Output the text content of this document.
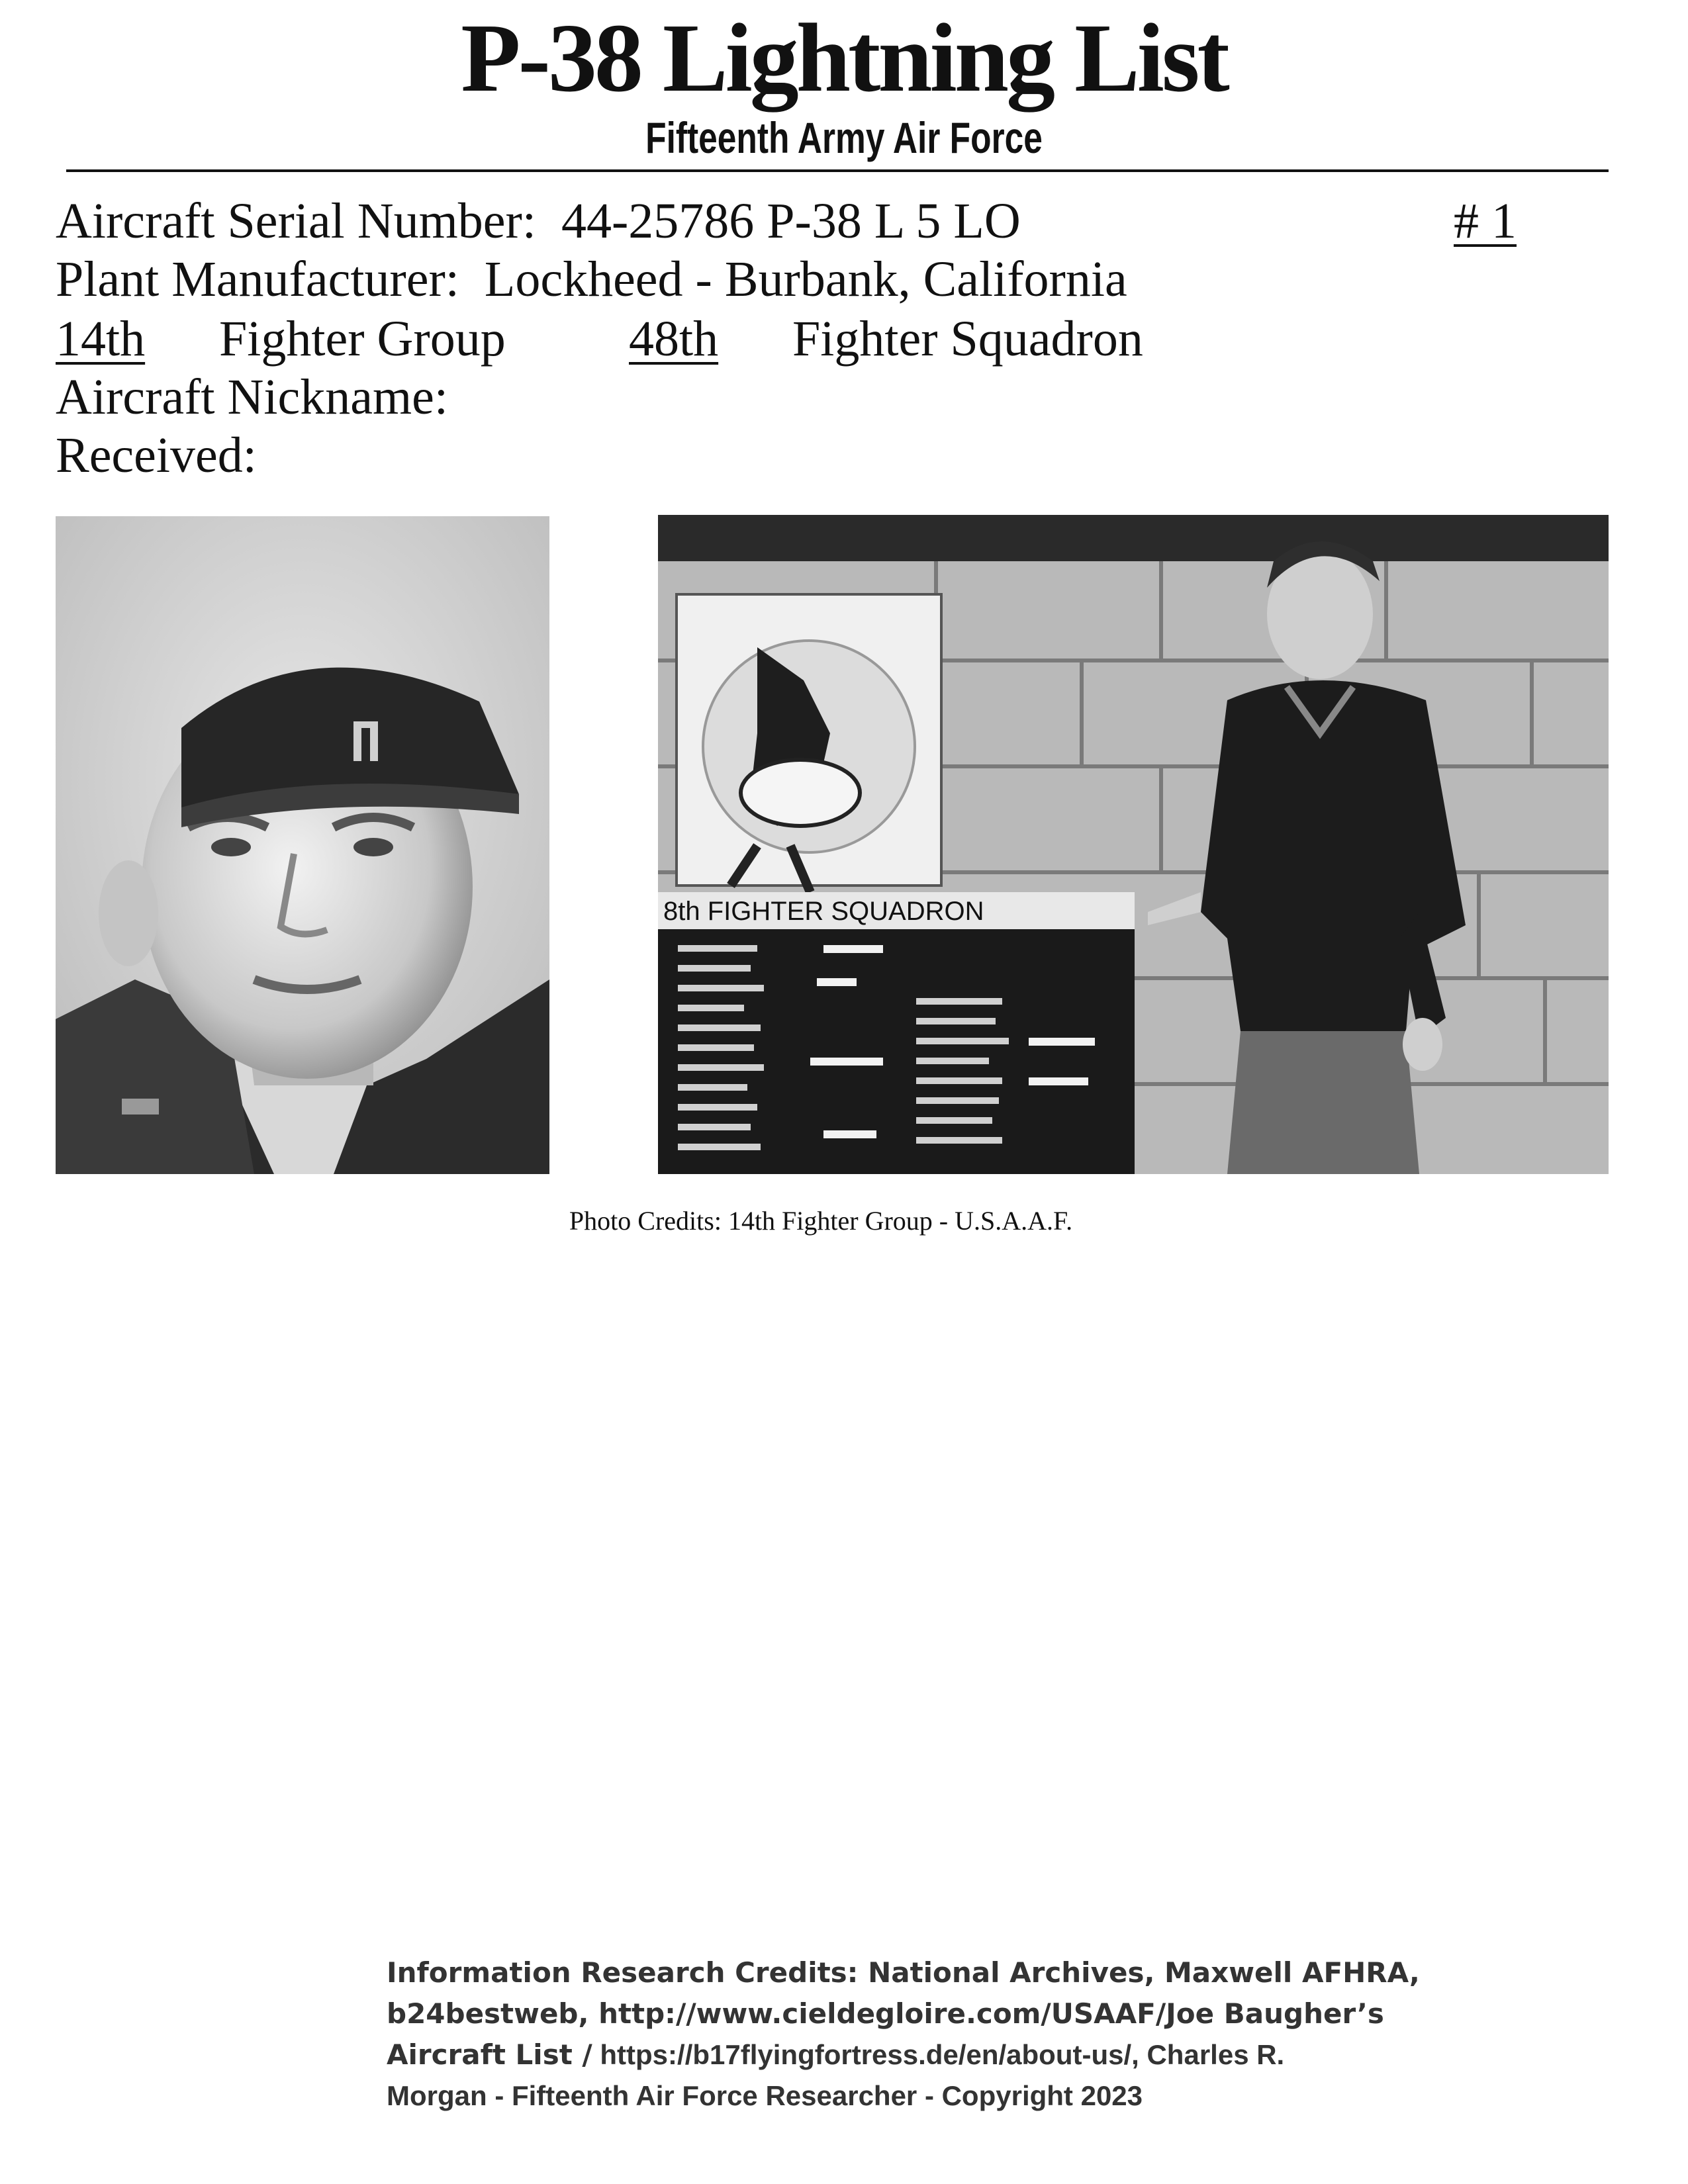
P-38 Lightning List
Fifteenth Army Air Force
Aircraft Serial Number: 44-25786 P-38 L 5 LO	# 1
Plant Manufacturer: Lockheed - Burbank, California
14th Fighter Group 48th Fighter Squadron
Aircraft Nickname:
Received:
8th FIGHTER SQUADRON
Photo Credits: 14th Fighter Group - U.S.A.A.F.
Information Research Credits: National Archives, Maxwell AFHRA,
b24bestweb, http://www.cieldegloire.com/USAAF/Joe Baugher’s
Aircraft List / https://b17flyingfortress.de/en/about-us/, Charles R.
Morgan - Fifteenth Air Force Researcher - Copyright 2023
